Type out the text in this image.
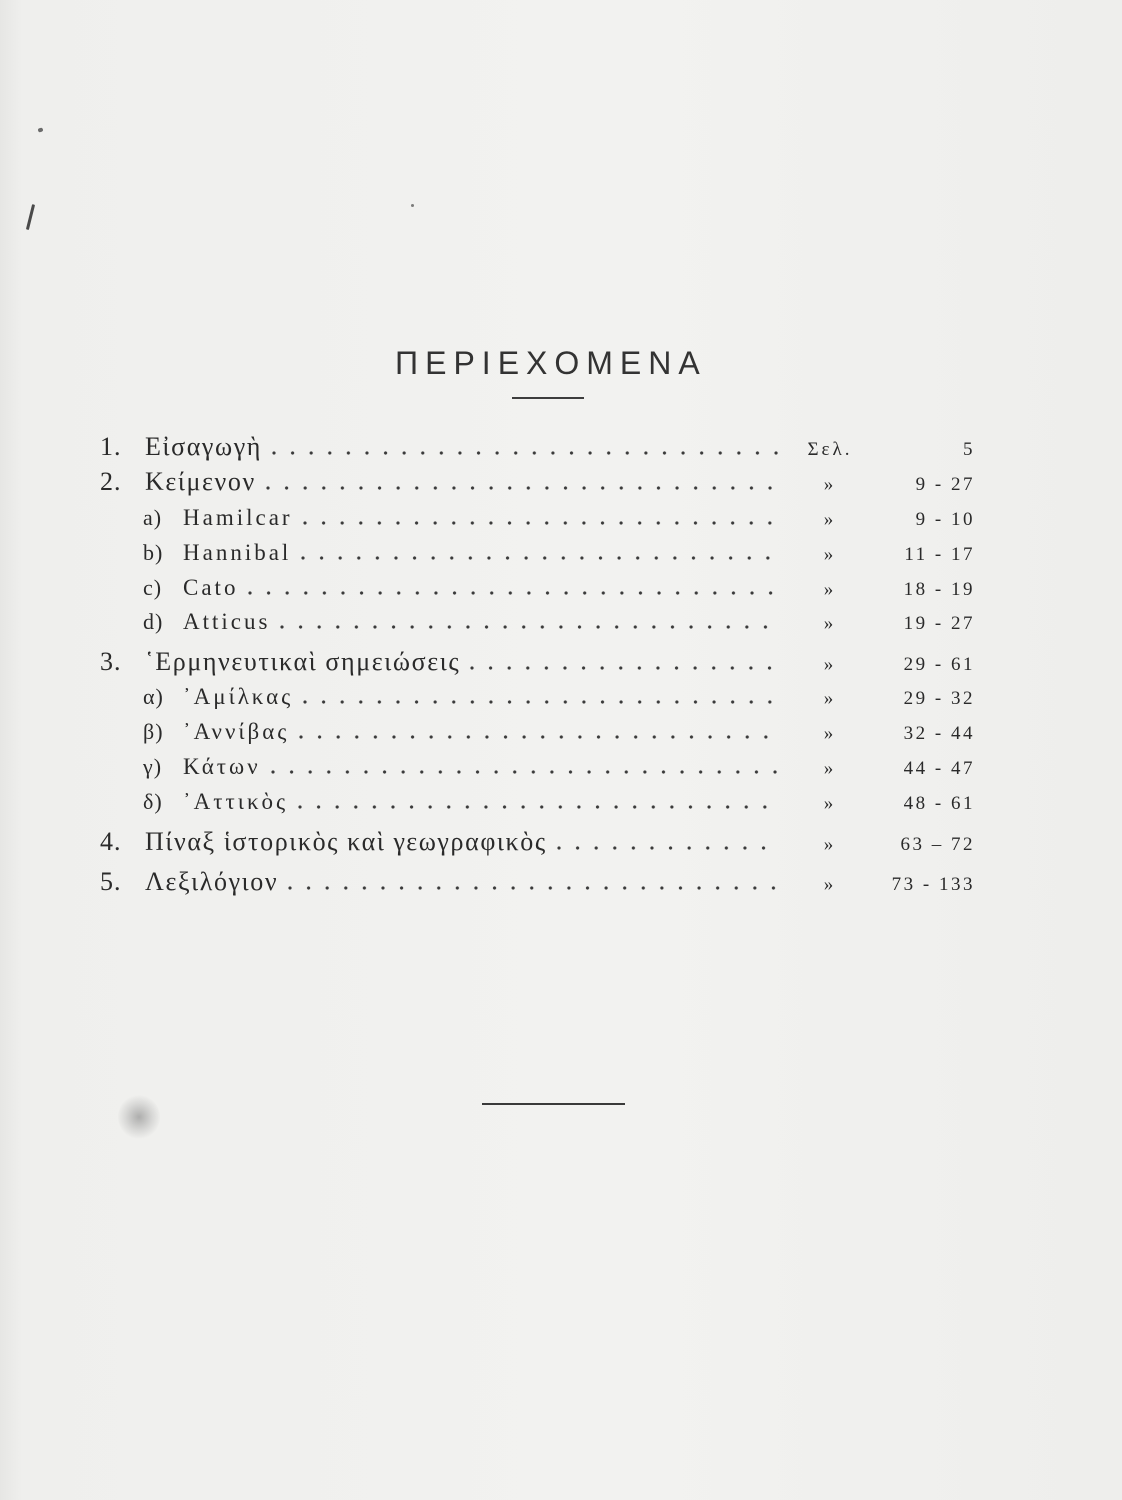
ΠΕΡΙΕΧΟΜΕΝΑ
1. Εἰσαγωγὴ	Σελ.	5
2. Κείμενον	»	9 - 27
a) Hamilcar	»	9 - 10
b) Hannibal	»	11 - 17
c) Cato	»	18 - 19
d) Atticus	»	19 - 27
3. ῾Ερμηνευτικαὶ σημειώσεις	»	29 - 61
α) ᾿Αμίλκας	»	29 - 32
β) ᾿Αννίβας	»	32 - 44
γ) Κάτων	»	44 - 47
δ) ᾿Αττικὸς	»	48 - 61
4. Πίναξ ἱστορικὸς καὶ γεωγραφικὸς	»	63 – 72
5. Λεξιλόγιον	»	73 - 133
